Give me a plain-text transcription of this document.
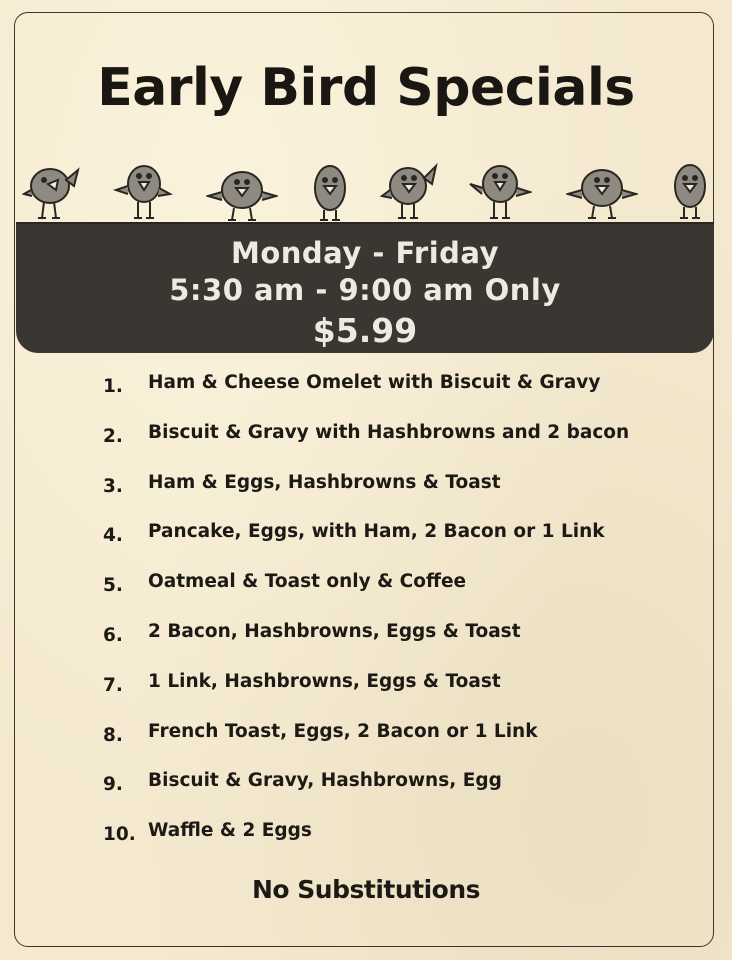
Early Bird Specials
Monday - Friday
5:30 am - 9:00 am Only
$5.99
1.	Ham & Cheese Omelet with Biscuit & Gravy
2.	Biscuit & Gravy with Hashbrowns and 2 bacon
3.	Ham & Eggs, Hashbrowns & Toast
4.	Pancake, Eggs, with Ham, 2 Bacon or 1 Link
5.	Oatmeal & Toast only & Coffee
6.	2 Bacon, Hashbrowns, Eggs & Toast
7.	1 Link, Hashbrowns, Eggs & Toast
8.	French Toast, Eggs, 2 Bacon or 1 Link
9.	Biscuit & Gravy, Hashbrowns, Egg
10. Waffle & 2 Eggs
No Substitutions
